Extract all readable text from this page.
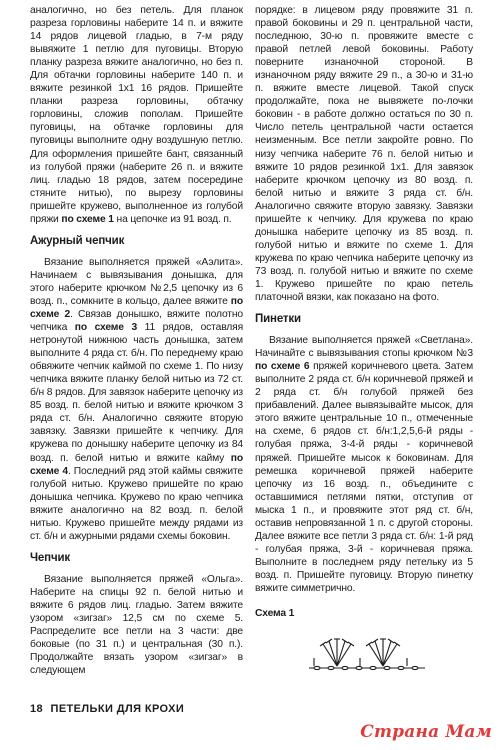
аналогично, но без петель. Для планок разреза горловины наберите 14 п. и вяжите 14 рядов лицевой гладью, в 7-м ряду вывяжите 1 петлю для пуговицы. Вторую планку разреза вяжите аналогично, но без п. Для обтачки горловины наберите 140 п. и вяжите резинкой 1x1 16 рядов. Пришейте планки разреза горловины, обтачку горловины, сложив пополам. Пришейте пуговицы, на обтачке горловины для пуговицы выполните одну воздушную петлю. Для оформления пришейте бант, связанный из голубой пряжи (наберите 26 п. и вяжите лиц. гладью 18 рядов, затем посередине стяните нитью), по вырезу горловины пришейте кружево, выполненное из голубой пряжи по схеме 1 на цепочке из 91 возд. п.

Ажурный чепчик

Вязание выполняется пряжей «Аэлита». Начинаем с вывязывания донышка, для этого наберите крючком №2,5 цепочку из 6 возд. п., сомкните в кольцо, далее вяжите по схеме 2. Связав донышко, вяжите полотно чепчика по схеме 3 11 рядов, оставляя нетронутой нижнюю часть донышка, затем выполните 4 ряда ст. б/н. По переднему краю обвяжите чепчик каймой по схеме 1. По низу чепчика вяжите планку белой нитью из 72 ст. б/н 8 рядов. Для завязок наберите цепочку из 85 возд. п. белой нитью и вяжите крючком 3 ряда ст. б/н. Аналогично свяжите вторую завязку. Завязки пришейте к чепчику. Для кружева по донышку наберите цепочку из 84 возд. п. белой нитью и вяжите кайму по схеме 4. Последний ряд этой каймы свяжите голубой нитью. Кружево пришейте по краю донышка чепчика. Кружево по краю чепчика вяжите аналогично на 82 возд. п. белой нитью. Кружево пришейте между рядами из ст. б/н и ажурными рядами схемы боковин.

Чепчик

Вязание выполняется пряжей «Ольга». Наберите на спицы 92 п. белой нитью и вяжите 6 рядов лиц. гладью. Затем вяжите узором «зигзаг» 12,5 см по схеме 5. Распределите все петли на 3 части: две боковые (по 31 п.) и центральная (30 п.). Продолжайте вязать узором «зигзаг» в следующем

порядке: в лицевом ряду провяжите 31 п. правой боковины и 29 п. центральной части, последнюю, 30-ю п. провяжите вместе с правой петлей левой боковины. Работу поверните изнаночной стороной. В изнаночном ряду вяжите 29 п., а 30-ю и 31-ю п. вяжите вместе лицевой. Такой спуск продолжайте, пока не вывяжете по-лочки боковин - в работе должно остаться по 30 п. Число петель центральной части остается неизменным. Все петли закройте ровно. По низу чепчика наберите 76 п. белой нитью и вяжите 10 рядов резинкой 1x1. Для завязок наберите крючком цепочку из 80 возд. п. белой нитью и вяжите 3 ряда ст. б/н. Аналогично свяжите вторую завязку. Завязки пришейте к чепчику. Для кружева по краю донышка наберите цепочку из 85 возд. п. голубой нитью и вяжите по схеме 1. Для кружева по краю чепчика наберите цепочку из 73 возд. п. голубой нитью и вяжите по схеме 1. Кружево пришейте по краю петель платочной вязки, как показано на фото.

Пинетки

Вязание выполняется пряжей «Светлана». Начинайте с вывязывания стопы крючком №3 по схеме 6 пряжей коричневого цвета. Затем выполните 2 ряда ст. б/н коричневой пряжей и 2 ряда ст. б/н голубой пряжей без прибавлений. Далее вывязывайте мысок, для этого вяжите центральные 10 п., отмеченные на схеме, 6 рядов ст. б/н:1,2,5,6-й ряды - голубая пряжа, 3-4-й ряды - коричневой пряжей. Пришейте мысок к боковинам. Для ремешка коричневой пряжей наберите цепочку из 16 возд. п., объедините с оставшимися петлями пятки, отступив от мыска 1 п., и провяжите этот ряд ст. б/н, оставив непровязанной 1 п. с другой стороны. Далее вяжите все петли 3 ряда ст. б/н: 1-й ряд - голубая пряжа, 3-й - коричневая пряжа. Выполните в последнем ряду петельку из 5 возд. п. Пришейте пуговицу. Вторую пинетку вяжите симметрично.

Схема 1
18 ПЕТЕЛЬКИ ДЛЯ КРОХИ
Страна Мам
